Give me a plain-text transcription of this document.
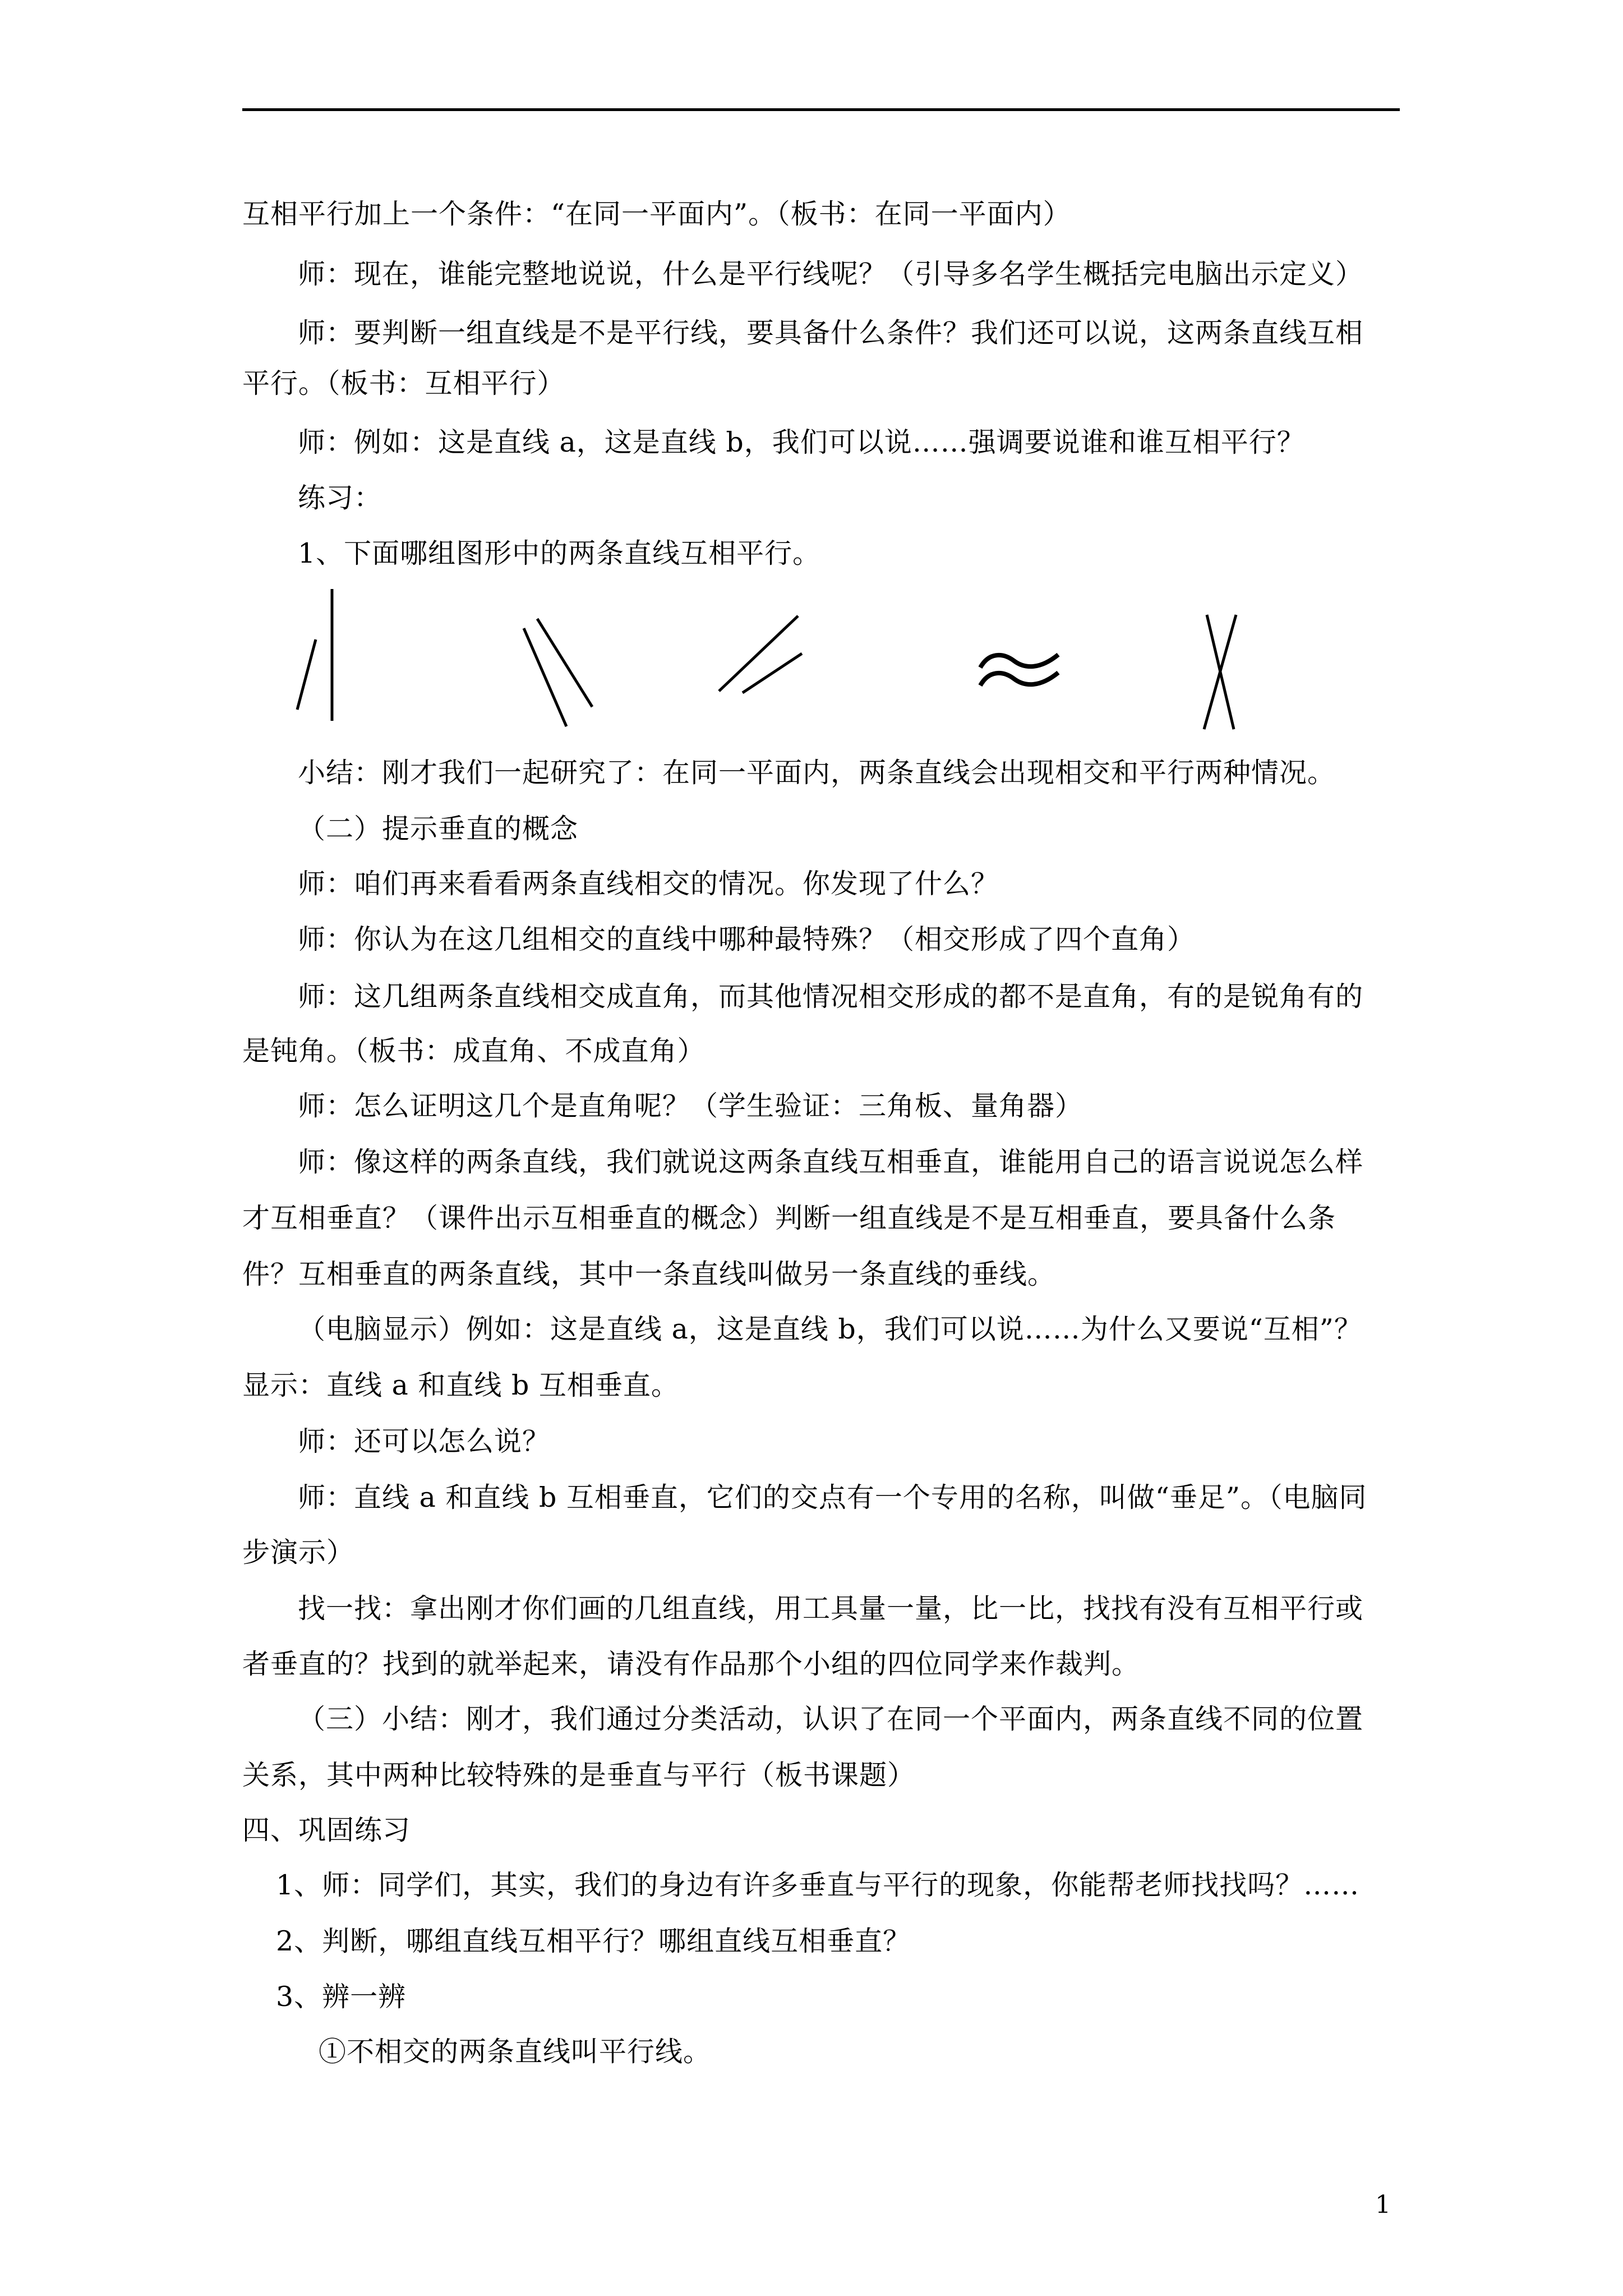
互相平行加上一个条件：“在同一平面内”。（板书：在同一平面内）
师：现在，谁能完整地说说，什么是平行线呢？（引导多名学生概括完电脑出示定义）
师：要判断一组直线是不是平行线，要具备什么条件？我们还可以说，这两条直线互相
平行。（板书：互相平行）
师：例如：这是直线 a，这是直线 b，我们可以说……强调要说谁和谁互相平行？
练习：
1、下面哪组图形中的两条直线互相平行。
小结：刚才我们一起研究了：在同一平面内，两条直线会出现相交和平行两种情况。
（二）提示垂直的概念
师：咱们再来看看两条直线相交的情况。你发现了什么？
师：你认为在这几组相交的直线中哪种最特殊？（相交形成了四个直角）
师：这几组两条直线相交成直角，而其他情况相交形成的都不是直角，有的是锐角有的
是钝角。（板书：成直角、不成直角）
师：怎么证明这几个是直角呢？（学生验证：三角板、量角器）
师：像这样的两条直线，我们就说这两条直线互相垂直，谁能用自己的语言说说怎么样
才互相垂直？（课件出示互相垂直的概念）判断一组直线是不是互相垂直，要具备什么条
件？互相垂直的两条直线，其中一条直线叫做另一条直线的垂线。
（电脑显示）例如：这是直线 a，这是直线 b，我们可以说……为什么又要说“互相”？
显示：直线 a 和直线 b 互相垂直。
师：还可以怎么说？
师：直线 a 和直线 b 互相垂直，它们的交点有一个专用的名称，叫做“垂足”。（电脑同
步演示）
找一找：拿出刚才你们画的几组直线，用工具量一量，比一比，找找有没有互相平行或
者垂直的？找到的就举起来，请没有作品那个小组的四位同学来作裁判。
（三）小结：刚才，我们通过分类活动，认识了在同一个平面内，两条直线不同的位置
关系，其中两种比较特殊的是垂直与平行（板书课题）
四、巩固练习
1、师：同学们，其实，我们的身边有许多垂直与平行的现象，你能帮老师找找吗？……
2、判断，哪组直线互相平行？哪组直线互相垂直？
3、辨一辨
①不相交的两条直线叫平行线。
1
